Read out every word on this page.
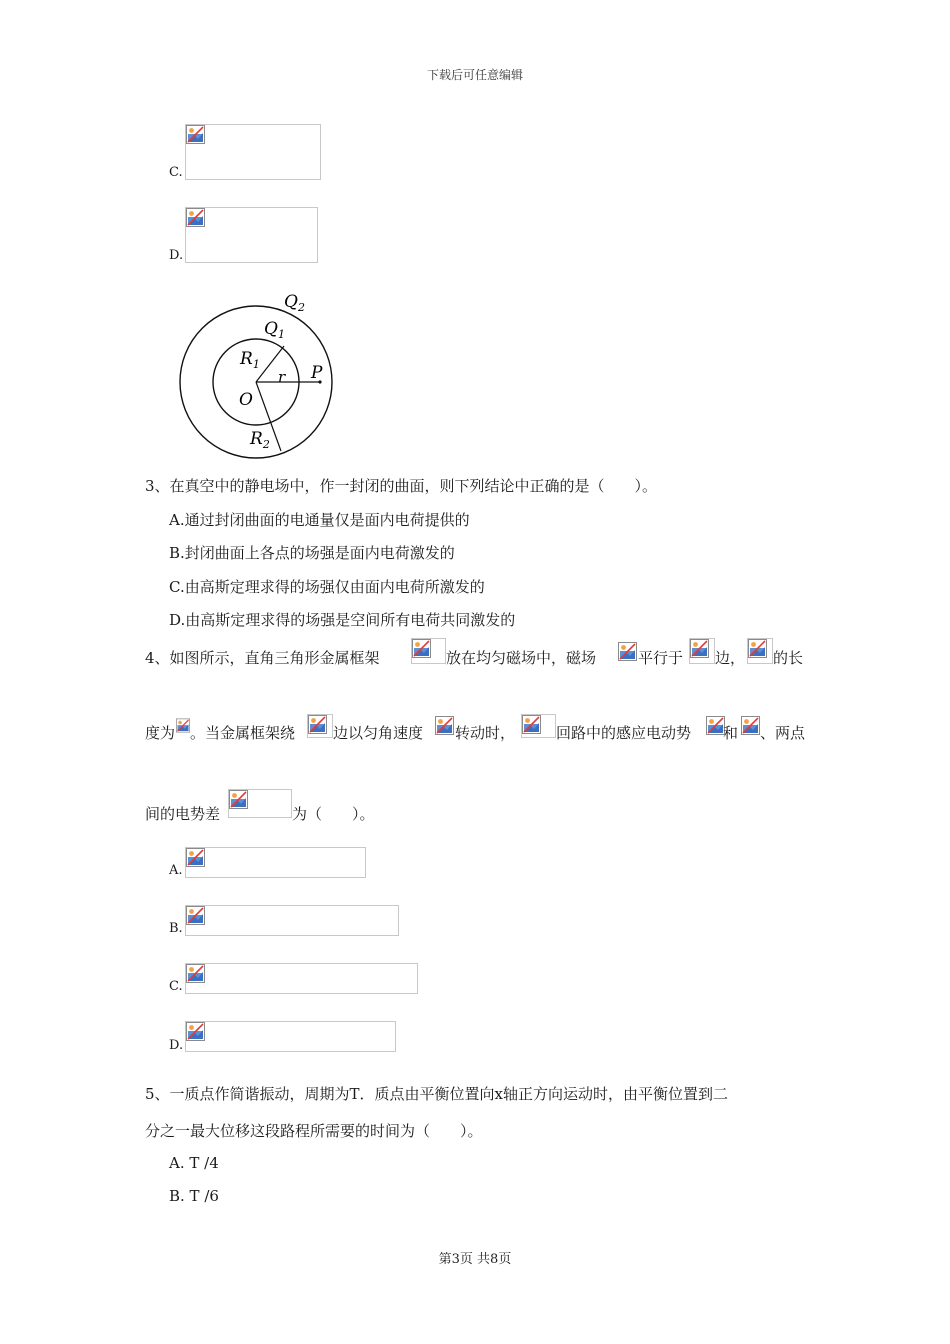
下载后可任意编辑
C.
D.
$Q_2$
$Q_1$
$R_1$
r P
O
$R_2$
3、在真空中的静电场中，作一封闭的曲面，则下列结论中正确的是（　　）。
A.通过封闭曲面的电通量仅是面内电荷提供的
B.封闭曲面上各点的场强是面内电荷激发的
C.由高斯定理求得的场强仅由面内电荷所激发的
D.由高斯定理求得的场强是空间所有电荷共同激发的
4、如图所示，直角三角形金属框架	放在均匀磁场中，磁场	平行于 边， 的长
度为 。当金属框架绕	边以匀角速度 转动时，	回路中的感应电动势 和 、两点
间的电势差	为（　　）。
A.
B.
C.
D.
5、一质点作简谐振动，周期为T．质点由平衡位置向x轴正方向运动时，由平衡位置到二
分之一最大位移这段路程所需要的时间为（　　）。
A. T /4
B. T /6
第3页 共8页
